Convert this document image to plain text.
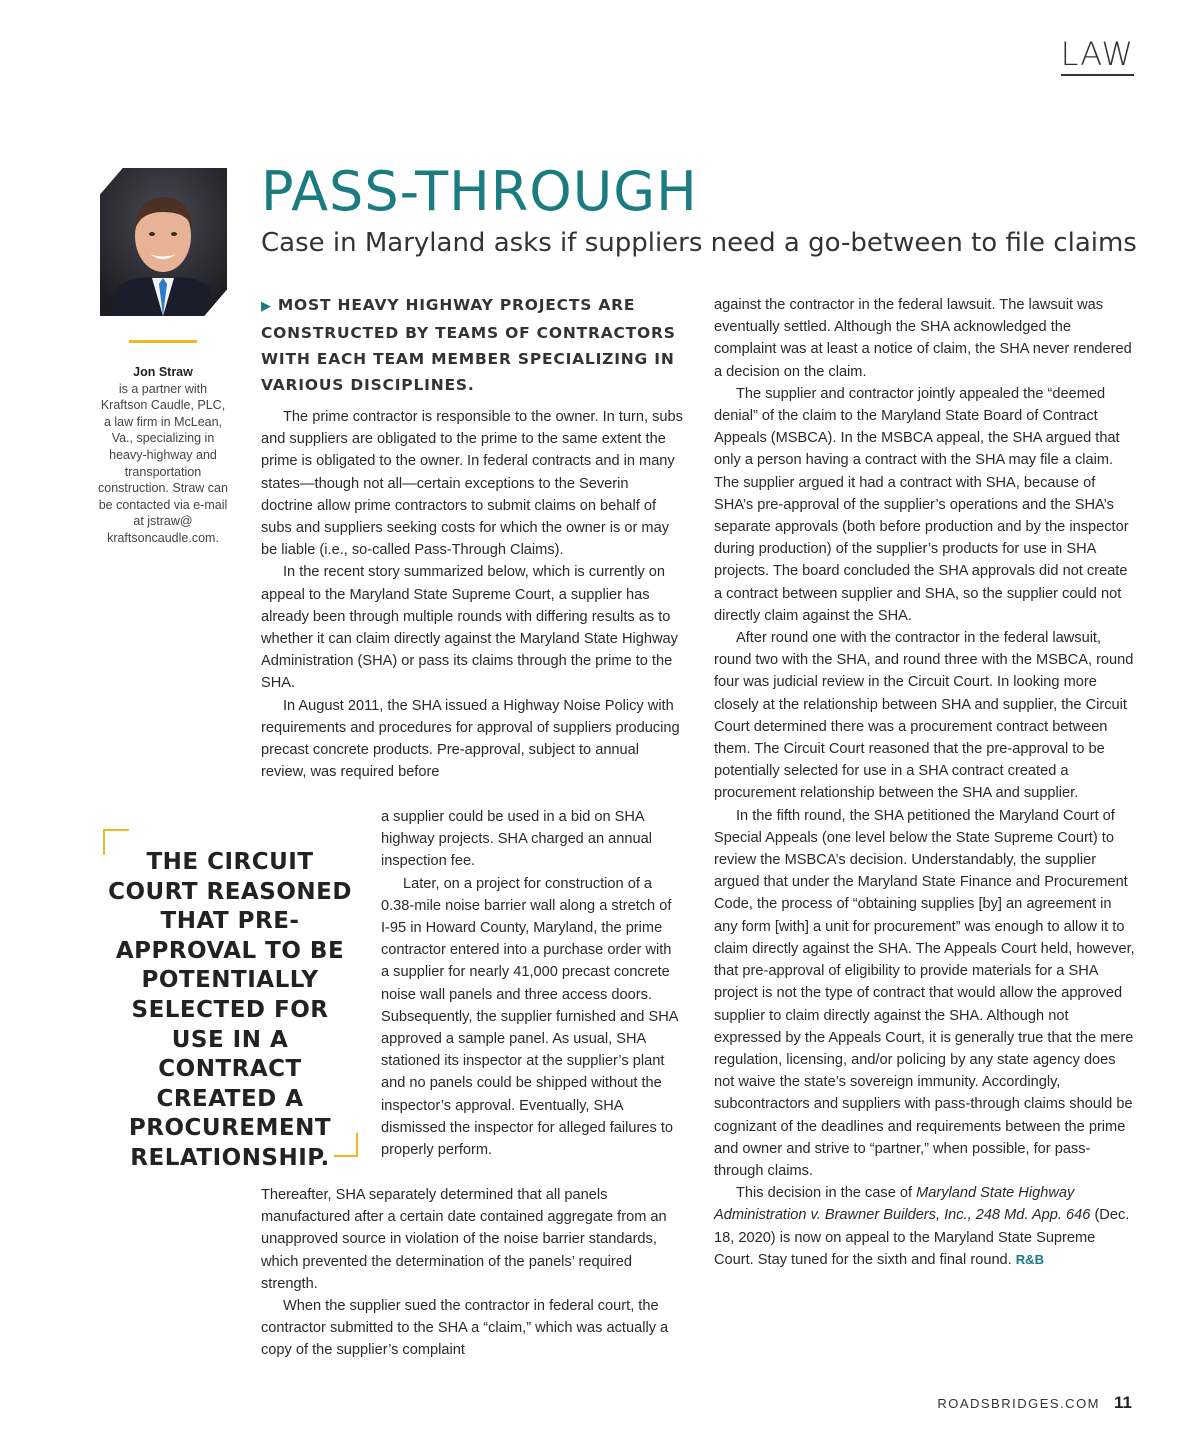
LAW
Jon Straw
is a partner with Kraftson Caudle, PLC, a law firm in McLean, Va., specializing in heavy-highway and transportation construction. Straw can be contacted via e-mail at jstraw@ kraftsoncaudle.com.
PASS-THROUGH
Case in Maryland asks if suppliers need a go-between to file claims
▶ MOST HEAVY HIGHWAY PROJECTS ARE CONSTRUCTED BY TEAMS OF CONTRACTORS WITH EACH TEAM MEMBER SPECIALIZING IN VARIOUS DISCIPLINES.

The prime contractor is responsible to the owner. In turn, subs and suppliers are obligated to the prime to the same extent the prime is obligated to the owner. In federal contracts and in many states—though not all—certain exceptions to the Severin doctrine allow prime contractors to submit claims on behalf of subs and suppliers seeking costs for which the owner is or may be liable (i.e., so-called Pass-Through Claims).

In the recent story summarized below, which is currently on appeal to the Maryland State Supreme Court, a supplier has already been through multiple rounds with differing results as to whether it can claim directly against the Maryland State Highway Administration (SHA) or pass its claims through the prime to the SHA.

In August 2011, the SHA issued a Highway Noise Policy with requirements and procedures for approval of suppliers producing precast concrete products. Pre-approval, subject to annual review, was required before

a supplier could be used in a bid on SHA highway projects. SHA charged an annual inspection fee.

Later, on a project for construction of a 0.38-mile noise barrier wall along a stretch of I-95 in Howard County, Maryland, the prime contractor entered into a purchase order with a supplier for nearly 41,000 precast concrete noise wall panels and three access doors. Subsequently, the supplier furnished and SHA approved a sample panel. As usual, SHA stationed its inspector at the supplier’s plant and no panels could be shipped without the inspector’s approval. Eventually, SHA dismissed the inspector for alleged failures to properly perform.

Thereafter, SHA separately determined that all panels manufactured after a certain date contained aggregate from an unapproved source in violation of the noise barrier standards, which prevented the determination of the panels’ required strength.

When the supplier sued the contractor in federal court, the contractor submitted to the SHA a “claim,” which was actually a copy of the supplier’s complaint

THE CIRCUIT COURT REASONED THAT PRE-APPROVAL TO BE POTENTIALLY SELECTED FOR USE IN A CONTRACT CREATED A PROCUREMENT RELATIONSHIP.

against the contractor in the federal lawsuit. The lawsuit was eventually settled. Although the SHA acknowledged the complaint was at least a notice of claim, the SHA never rendered a decision on the claim.

The supplier and contractor jointly appealed the “deemed denial” of the claim to the Maryland State Board of Contract Appeals (MSBCA). In the MSBCA appeal, the SHA argued that only a person having a contract with the SHA may file a claim. The supplier argued it had a contract with SHA, because of SHA’s pre-approval of the supplier’s operations and the SHA’s separate approvals (both before production and by the inspector during production) of the supplier’s products for use in SHA projects. The board concluded the SHA approvals did not create a contract between supplier and SHA, so the supplier could not directly claim against the SHA.

After round one with the contractor in the federal lawsuit, round two with the SHA, and round three with the MSBCA, round four was judicial review in the Circuit Court. In looking more closely at the relationship between SHA and supplier, the Circuit Court determined there was a procurement contract between them. The Circuit Court reasoned that the pre-approval to be potentially selected for use in a SHA contract created a procurement relationship between the SHA and supplier.

In the fifth round, the SHA petitioned the Maryland Court of Special Appeals (one level below the State Supreme Court) to review the MSBCA’s decision. Understandably, the supplier argued that under the Maryland State Finance and Procurement Code, the process of “obtaining supplies [by] an agreement in any form [with] a unit for procurement” was enough to allow it to claim directly against the SHA. The Appeals Court held, however, that pre-approval of eligibility to provide materials for a SHA project is not the type of contract that would allow the approved supplier to claim directly against the SHA. Although not expressed by the Appeals Court, it is generally true that the mere regulation, licensing, and/or policing by any state agency does not waive the state’s sovereign immunity. Accordingly, subcontractors and suppliers with pass-through claims should be cognizant of the deadlines and requirements between the prime and owner and strive to “partner,” when possible, for pass-through claims.

This decision in the case of Maryland State Highway Administration v. Brawner Builders, Inc., 248 Md. App. 646 (Dec. 18, 2020) is now on appeal to the Maryland State Supreme Court. Stay tuned for the sixth and final round. R&B

ROADSBRIDGES.COM 11
